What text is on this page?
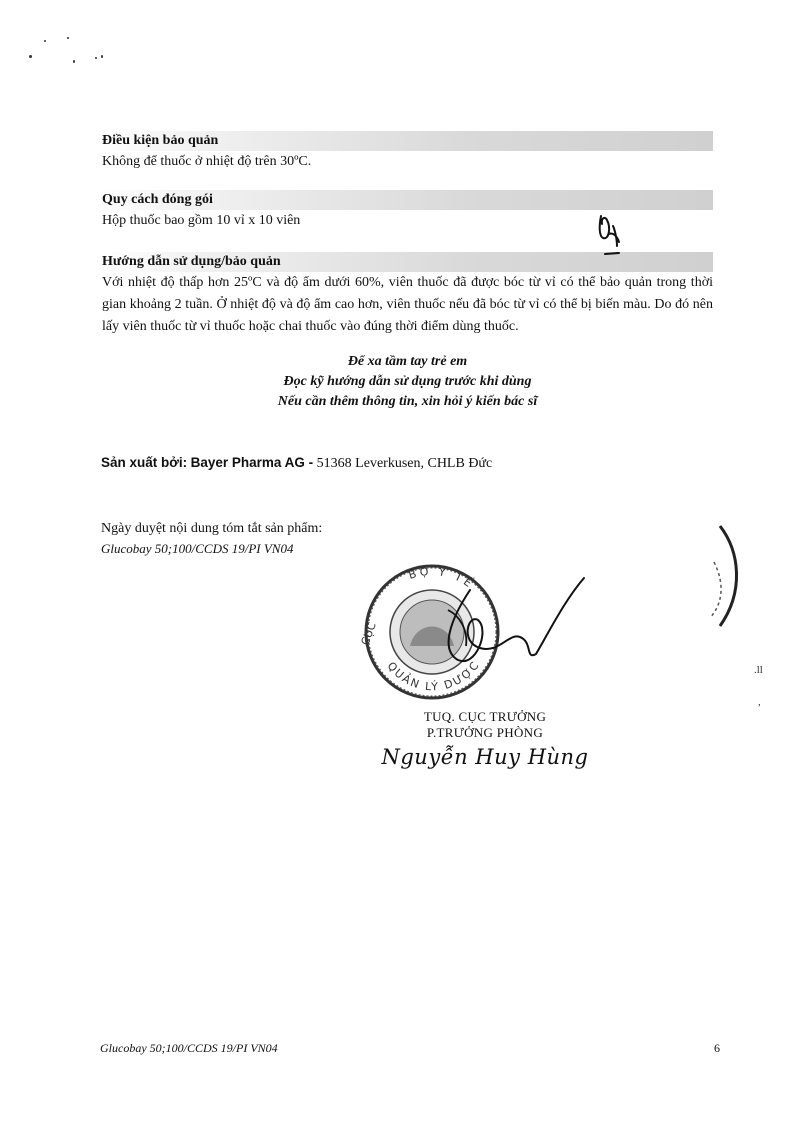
Điều kiện bảo quản
Không để thuốc ở nhiệt độ trên 30ºC.
Quy cách đóng gói
Hộp thuốc bao gồm 10 vỉ x 10 viên
Hướng dẫn sử dụng/bảo quản
Với nhiệt độ thấp hơn 25ºC và độ ẩm dưới 60%, viên thuốc đã được bóc từ vỉ có thể bảo quản trong thời gian khoảng 2 tuần. Ở nhiệt độ và độ ẩm cao hơn, viên thuốc nếu đã bóc từ vỉ có thể bị biến màu. Do đó nên lấy viên thuốc từ vỉ thuốc hoặc chai thuốc vào đúng thời điểm dùng thuốc.
Để xa tầm tay trẻ em
Đọc kỹ hướng dẫn sử dụng trước khi dùng
Nếu cần thêm thông tin, xin hỏi ý kiến bác sĩ
Sản xuất bởi: Bayer Pharma AG - 51368 Leverkusen, CHLB Đức
Ngày duyệt nội dung tóm tắt sản phẩm:
Glucobay 50;100/CCDS 19/PI VN04
BỘ Y TẾ
CỤC
QUẢN LÝ DƯỢC
TUQ. CỤC TRƯỞNG
P.TRƯỞNG PHÒNG
Nguyễn Huy Hùng
.ll
,
Glucobay 50;100/CCDS 19/PI VN04	6
